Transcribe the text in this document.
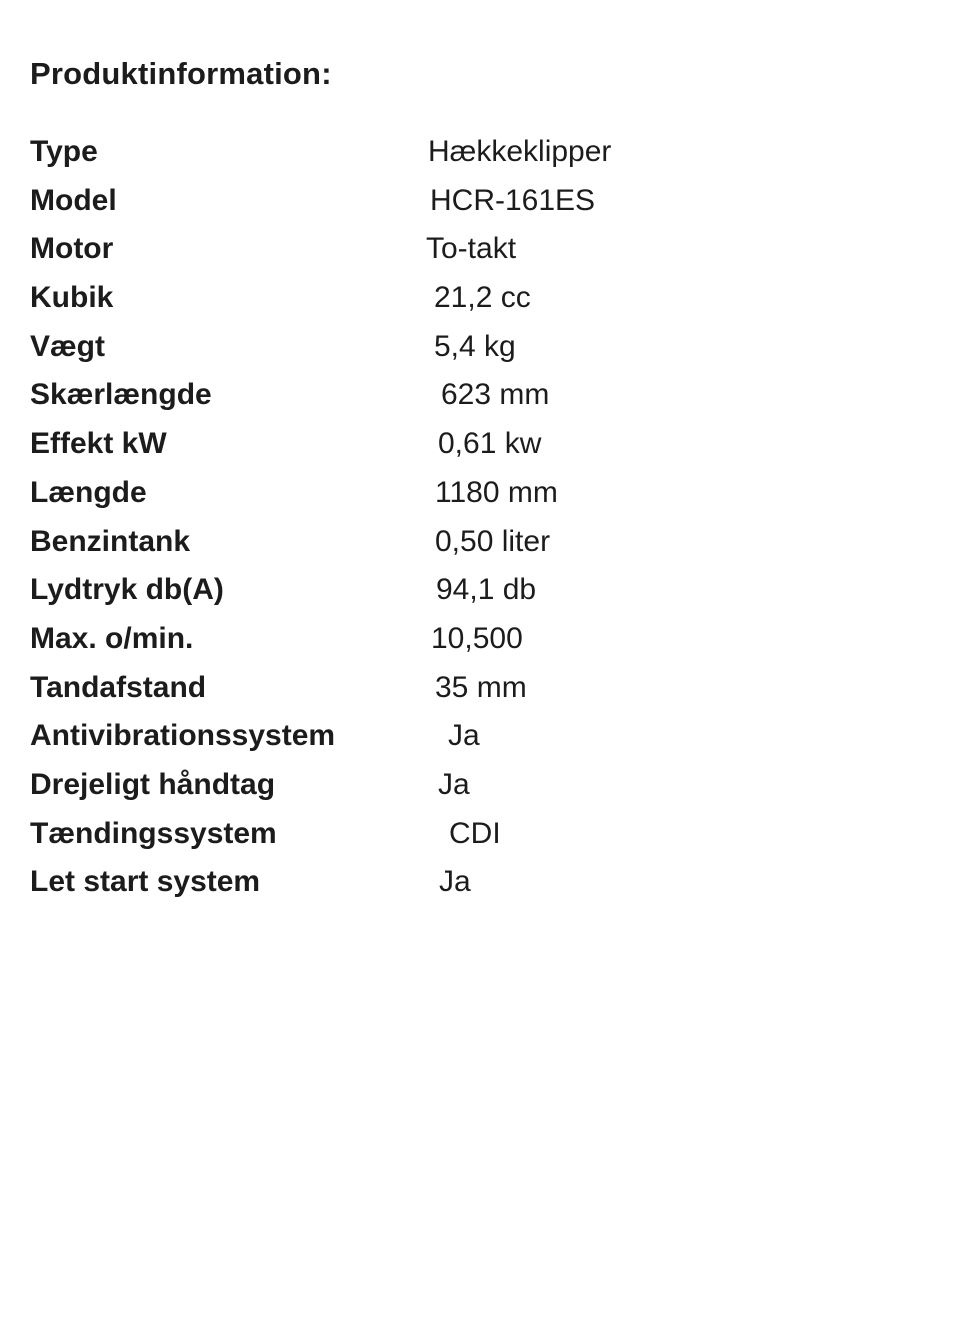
Produktinformation:
Type	Hækkeklipper
Model	HCR-161ES
Motor	To-takt
Kubik	21,2 cc
Vægt	5,4 kg
Skærlængde	623 mm
Effekt kW	0,61 kw
Længde	1180 mm
Benzintank	0,50 liter
Lydtryk db(A)	94,1 db
Max. o/min.	10,500
Tandafstand	35 mm
Antivibrationssystem	Ja
Drejeligt håndtag	Ja
Tændingssystem	CDI
Let start system	Ja
